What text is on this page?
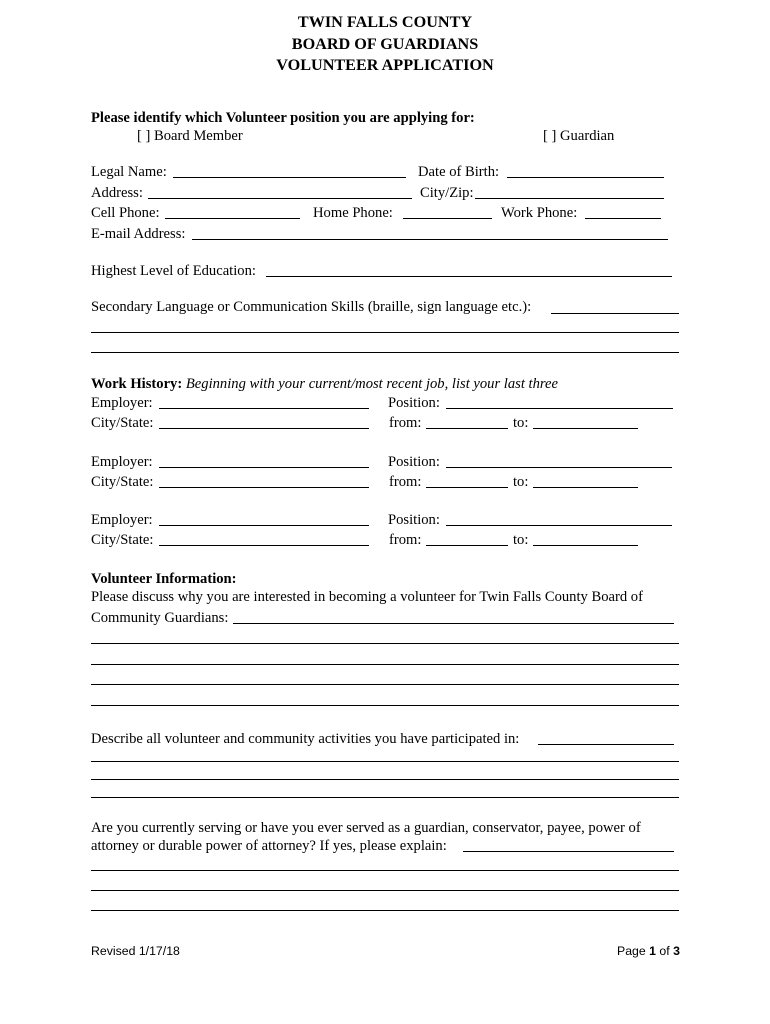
TWIN FALLS COUNTY
BOARD OF GUARDIANS
VOLUNTEER APPLICATION
Please identify which Volunteer position you are applying for:
[ ] Board Member	[ ] Guardian
Legal Name:	Date of Birth:
Address:	City/Zip:
Cell Phone:	Home Phone:	Work Phone:
E-mail Address:
Highest Level of Education:
Secondary Language or Communication Skills (braille, sign language etc.):
Work History: Beginning with your current/most recent job, list your last three
Employer:	Position:
City/State:	from:	to:
Employer:	Position:
City/State:	from:	to:
Employer:	Position:
City/State:	from:	to:
Volunteer Information:
Please discuss why you are interested in becoming a volunteer for Twin Falls County Board of
Community Guardians:
Describe all volunteer and community activities you have participated in:
Are you currently serving or have you ever served as a guardian, conservator, payee, power of
attorney or durable power of attorney? If yes, please explain:
Revised 1/17/18	Page 1 of 3
